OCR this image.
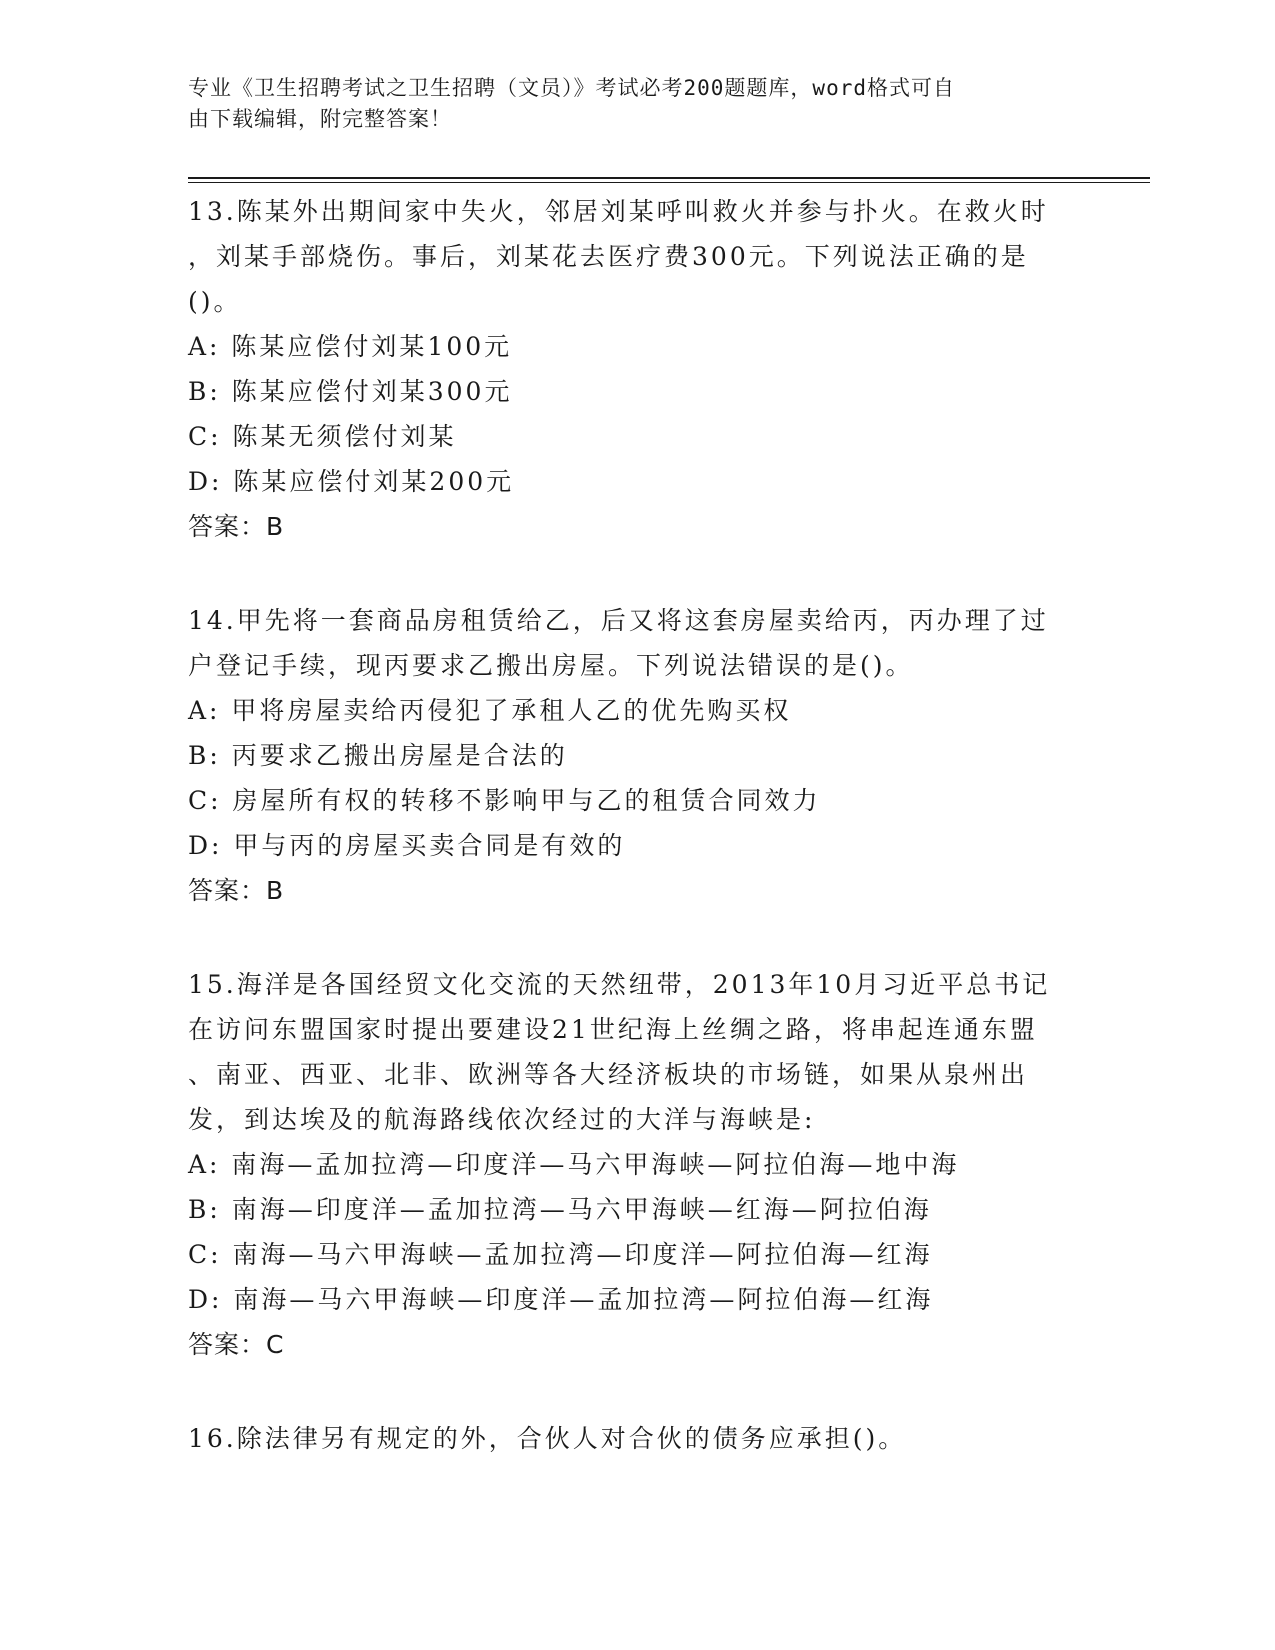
专业《卫生招聘考试之卫生招聘（文员）》考试必考200题题库，word格式可自
由下载编辑，附完整答案！

13.陈某外出期间家中失火，邻居刘某呼叫救火并参与扑火。在救火时

，刘某手部烧伤。事后，刘某花去医疗费300元。下列说法正确的是

()。

A: 陈某应偿付刘某100元

B: 陈某应偿付刘某300元

C: 陈某无须偿付刘某

D: 陈某应偿付刘某200元

答案：B

14.甲先将一套商品房租赁给乙，后又将这套房屋卖给丙，丙办理了过

户登记手续，现丙要求乙搬出房屋。下列说法错误的是()。

A: 甲将房屋卖给丙侵犯了承租人乙的优先购买权

B: 丙要求乙搬出房屋是合法的

C: 房屋所有权的转移不影响甲与乙的租赁合同效力

D: 甲与丙的房屋买卖合同是有效的

答案：B

15.海洋是各国经贸文化交流的天然纽带，2013年10月习近平总书记

在访问东盟国家时提出要建设21世纪海上丝绸之路，将串起连通东盟

、南亚、西亚、北非、欧洲等各大经济板块的市场链，如果从泉州出

发，到达埃及的航海路线依次经过的大洋与海峡是:

A: 南海—孟加拉湾—印度洋—马六甲海峡—阿拉伯海—地中海

B: 南海—印度洋—孟加拉湾—马六甲海峡—红海—阿拉伯海

C: 南海—马六甲海峡—孟加拉湾—印度洋—阿拉伯海—红海

D: 南海—马六甲海峡—印度洋—孟加拉湾—阿拉伯海—红海

答案：C

16.除法律另有规定的外，合伙人对合伙的债务应承担()。
